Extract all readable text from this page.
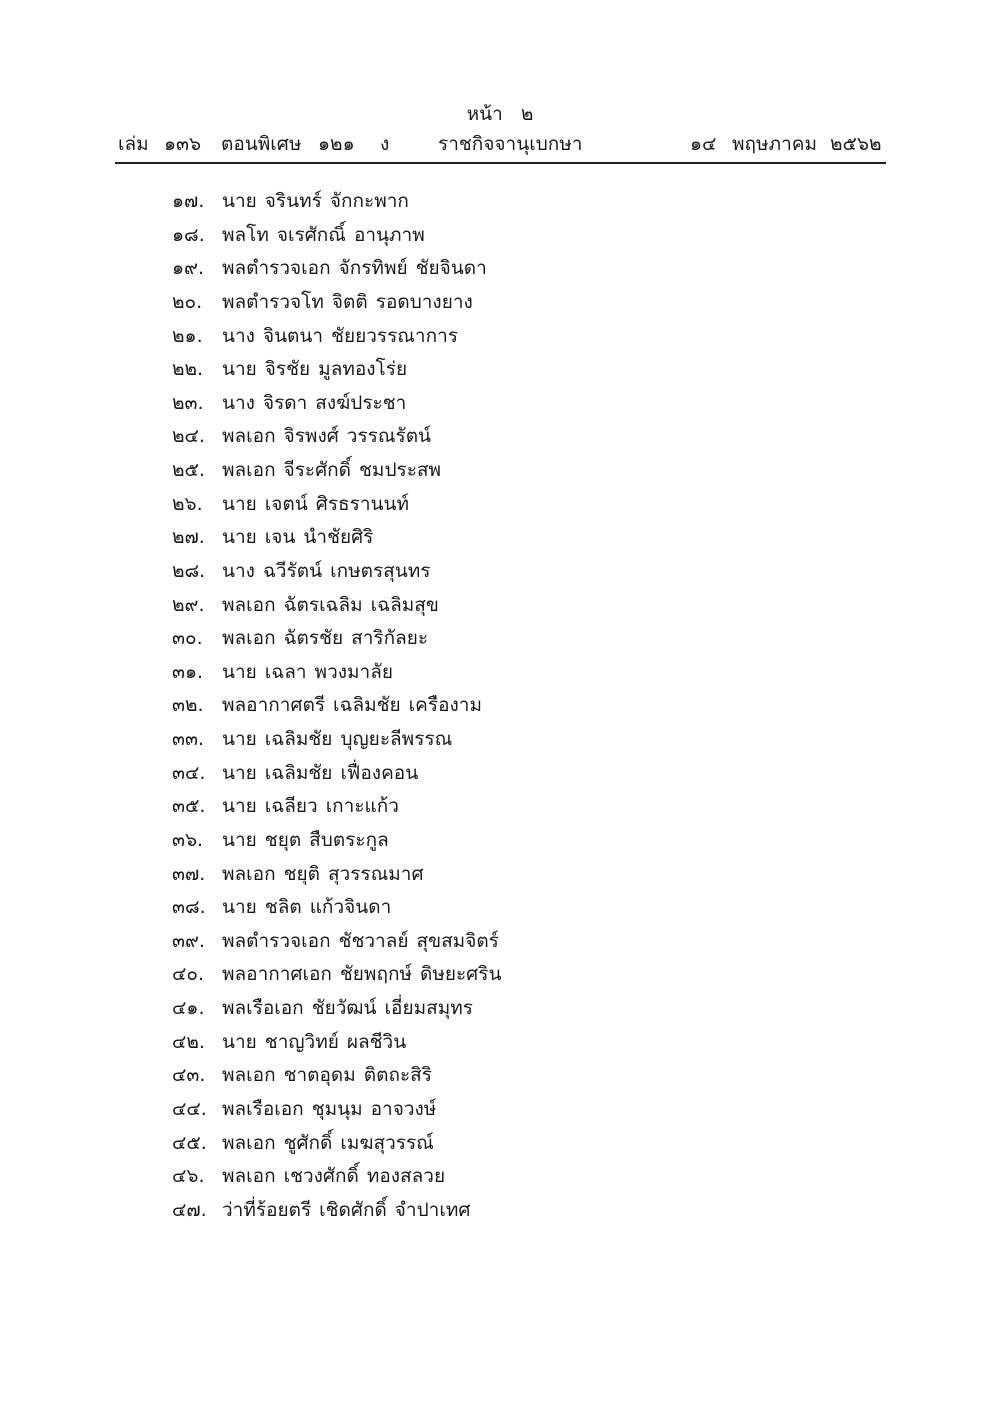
หน้า ๒
เล่ม ๑๓๖ ตอนพิเศษ ๑๒๑ ง	ราชกิจจานุเบกษา	๑๔ พฤษภาคม ๒๕๖๒
๑๗. นาย จรินทร์ จักกะพาก
๑๘. พลโท จเรศักณิ์ อานุภาพ
๑๙. พลตำรวจเอก จักรทิพย์ ชัยจินดา
๒๐. พลตำรวจโท จิตติ รอดบางยาง
๒๑. นาง จินตนา ชัยยวรรณาการ
๒๒. นาย จิรชัย มูลทองโร่ย
๒๓. นาง จิรดา สงฆ์ประชา
๒๔. พลเอก จิรพงศ์ วรรณรัตน์
๒๕. พลเอก จีระศักดิ์ ชมประสพ
๒๖. นาย เจตน์ ศิรธรานนท์
๒๗. นาย เจน นำชัยศิริ
๒๘. นาง ฉวีรัตน์ เกษตรสุนทร
๒๙. พลเอก ฉัตรเฉลิม เฉลิมสุข
๓๐. พลเอก ฉัตรชัย สาริกัลยะ
๓๑. นาย เฉลา พวงมาลัย
๓๒. พลอากาศตรี เฉลิมชัย เครืองาม
๓๓. นาย เฉลิมชัย บุญยะลีพรรณ
๓๔. นาย เฉลิมชัย เฟื่องคอน
๓๕. นาย เฉลียว เกาะแก้ว
๓๖. นาย ชยุต สืบตระกูล
๓๗. พลเอก ชยุติ สุวรรณมาศ
๓๘. นาย ชลิต แก้วจินดา
๓๙. พลตำรวจเอก ชัชวาลย์ สุขสมจิตร์
๔๐. พลอากาศเอก ชัยพฤกษ์ ดิษยะศริน
๔๑. พลเรือเอก ชัยวัฒน์ เอี่ยมสมุทร
๔๒. นาย ชาญวิทย์ ผลชีวิน
๔๓. พลเอก ชาตอุดม ติตถะสิริ
๔๔. พลเรือเอก ชุมนุม อาจวงษ์
๔๕. พลเอก ชูศักดิ์ เมฆสุวรรณ์
๔๖. พลเอก เชวงศักดิ์ ทองสลวย
๔๗. ว่าที่ร้อยตรี เชิดศักดิ์ จำปาเทศ
